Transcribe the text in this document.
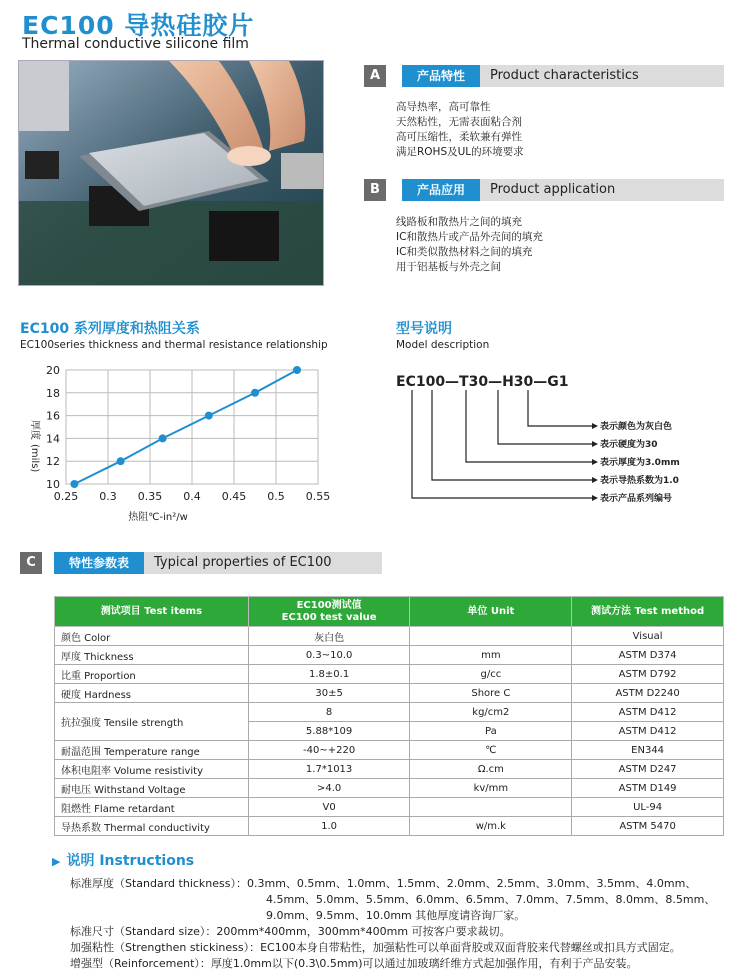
EC100 导热硅胶片
Thermal conductive silicone film
A	产品特性	Product characteristics
高导热率，高可靠性
天然粘性，无需表面粘合剂
高可压缩性，柔软兼有弹性
满足ROHS及UL的环境要求
B	产品应用	Product application
线路板和散热片之间的填充
IC和散热片或产品外壳间的填充
IC和类似散热材料之间的填充
用于铝基板与外壳之间
EC100 系列厚度和热阻关系
EC100series thickness and thermal resistance relationship
10
12
14
16
18
20
0.25 0.3 0.35 0.4 0.45 0.5 0.55
热阻℃-in²/w
厚度
(mils)
型号说明
Model description
EC100—T30—H30—G1
表示颜色为灰白色
表示硬度为30
表示厚度为3.0mm
表示导热系数为1.0
表示产品系列编号
C	特性参数表	Typical properties of EC100
测试项目 Test items	EC100测试值
EC100 test value	单位 Unit	测试方法 Test method
颜色 Color	灰白色		Visual
厚度 Thickness	0.3~10.0	mm	ASTM D374
比重 Proportion	1.8±0.1	g/cc	ASTM D792
硬度 Hardness	30±5	Shore C	ASTM D2240
抗拉强度 Tensile strength	8	kg/cm2	ASTM D412
	5.88*109	Pa	ASTM D412
耐温范围 Temperature range	-40~+220	℃	EN344
体积电阻率 Volume resistivity	1.7*1013	Ω.cm	ASTM D247
耐电压 Withstand Voltage	>4.0	kv/mm	ASTM D149
阻燃性 Flame retardant	V0		UL-94
导热系数 Thermal conductivity	1.0	w/m.k	ASTM 5470
▶ 说明 Instructions
标准厚度（Standard thickness）：0.3mm、0.5mm、1.0mm、1.5mm、2.0mm、2.5mm、3.0mm、3.5mm、4.0mm、
4.5mm、5.0mm、5.5mm、6.0mm、6.5mm、7.0mm、7.5mm、8.0mm、8.5mm、
9.0mm、9.5mm、10.0mm 其他厚度请咨询厂家。
标准尺寸（Standard size）：200mm*400mm，300mm*400mm 可按客户要求裁切。
加强粘性（Strengthen stickiness）：EC100本身自带粘性，加强粘性可以单面背胶或双面背胶来代替螺丝或扣具方式固定。
增强型（Reinforcement）：厚度1.0mm以下(0.3\0.5mm)可以通过加玻璃纤维方式起加强作用，有利于产品安装。
